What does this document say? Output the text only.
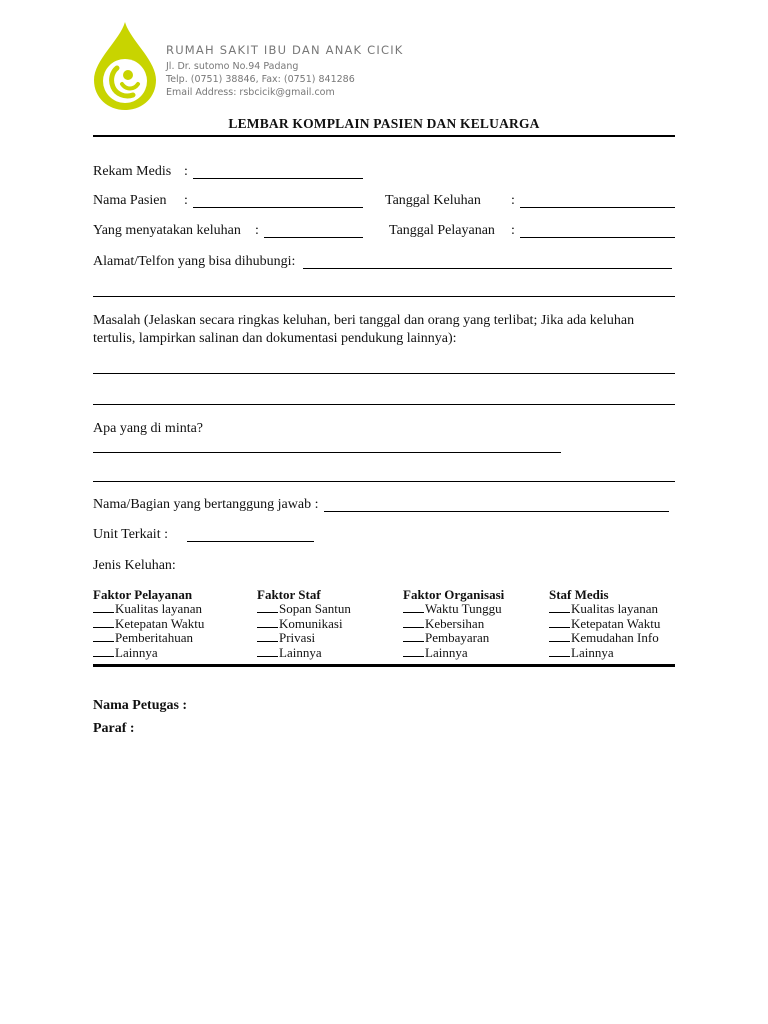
RUMAH SAKIT IBU DAN ANAK CICIK
Jl. Dr. sutomo No.94 Padang
Telp. (0751) 38846, Fax: (0751) 841286
Email Address: rsbcicik@gmail.com
LEMBAR KOMPLAIN PASIEN DAN KELUARGA
Rekam Medis :
Nama Pasien :	Tanggal Keluhan :
Yang menyatakan keluhan :	Tanggal Pelayanan :
Alamat/Telfon yang bisa dihubungi:
Masalah (Jelaskan secara ringkas keluhan, beri tanggal dan orang yang terlibat; Jika ada keluhan
tertulis, lampirkan salinan dan dokumentasi pendukung lainnya):
Apa yang di minta?
Nama/Bagian yang bertanggung jawab :
Unit Terkait :
Jenis Keluhan:
Faktor Pelayanan
Kualitas layanan
Ketepatan Waktu
Pemberitahuan
Lainnya
Faktor Staf
Sopan Santun
Komunikasi
Privasi
Lainnya
Faktor Organisasi
Waktu Tunggu
Kebersihan
Pembayaran
Lainnya
Staf Medis
Kualitas layanan
Ketepatan Waktu
Kemudahan Info
Lainnya
Nama Petugas :
Paraf :
